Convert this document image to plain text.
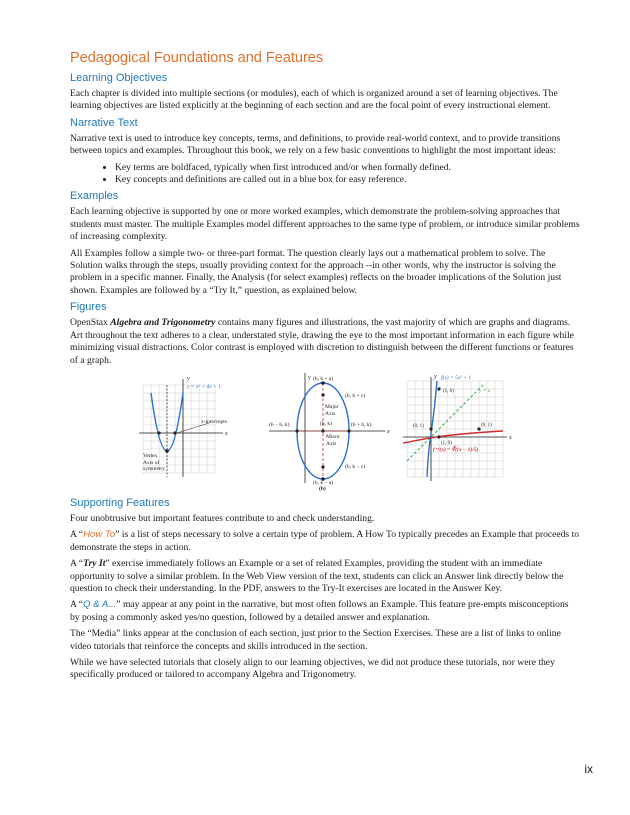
Pedagogical Foundations and Features
Learning Objectives

Each chapter is divided into multiple sections (or modules), each of which is organized around a set of learning objectives. The learning objectives are listed explicitly at the beginning of each section and are the focal point of every instructional element.

Narrative Text

Narrative text is used to introduce key concepts, terms, and definitions, to provide real-world context, and to provide transitions between topics and examples. Throughout this book, we rely on a few basic conventions to highlight the most important ideas:

• Key terms are boldfaced, typically when first introduced and/or when formally defined.
• Key concepts and definitions are called out in a blue box for easy reference.
Examples

Each learning objective is supported by one or more worked examples, which demonstrate the problem-solving approaches that students must master. The multiple Examples model different approaches to the same type of problem, or introduce similar problems of increasing complexity.

All Examples follow a simple two- or three-part format. The question clearly lays out a mathematical problem to solve. The Solution walks through the steps, usually providing context for the approach --in other words, why the instructor is solving the problem in a specific manner. Finally, the Analysis (for select examples) reflects on the broader implications of the Solution just shown. Examples are followed by a “Try It,” question, as explained below.

Figures

OpenStax Algebra and Trigonometry contains many figures and illustrations, the vast majority of which are graphs and diagrams. Art throughout the text adheres to a clear, understated style, drawing the eye to the most important information in each figure while minimizing visual distractions. Color contrast is employed with discretion to distinguish between the different functions or features of a graph.

y
y = x² + 4x + 1
x-intercepts
x
Vertex
Axis of
symmetry
y
x
(h, k + a)
(h, k + c)
Major
Axis
(h, k)
(h − b, k)	(h + b, k)
Minor
Axis
(h, k − c)
(h, k − a)
(b)
y
x
f(x) = 5x³ + 1
y = x
(1, 6)
(6, 1)
(0, 1)
(1, 0)
f⁻¹(x) = ∛((x − 1)/5)
Supporting Features

Four unobtrusive but important features contribute to and check understanding.

A “How To” is a list of steps necessary to solve a certain type of problem. A How To typically precedes an Example that proceeds to demonstrate the steps in action.

A “Try It” exercise immediately follows an Example or a set of related Examples, providing the student with an immediate opportunity to solve a similar problem. In the Web View version of the text, students can click an Answer link directly below the question to check their understanding. In the PDF, answers to the Try-It exercises are located in the Answer Key.

A “Q & A...” may appear at any point in the narrative, but most often follows an Example. This feature pre-empts misconceptions by posing a commonly asked yes/no question, followed by a detailed answer and explanation.

The “Media” links appear at the conclusion of each section, just prior to the Section Exercises. These are a list of links to online video tutorials that reinforce the concepts and skills introduced in the section.

While we have selected tutorials that closely align to our learning objectives, we did not produce these tutorials, nor were they specifically produced or tailored to accompany Algebra and Trigonometry.

ix
